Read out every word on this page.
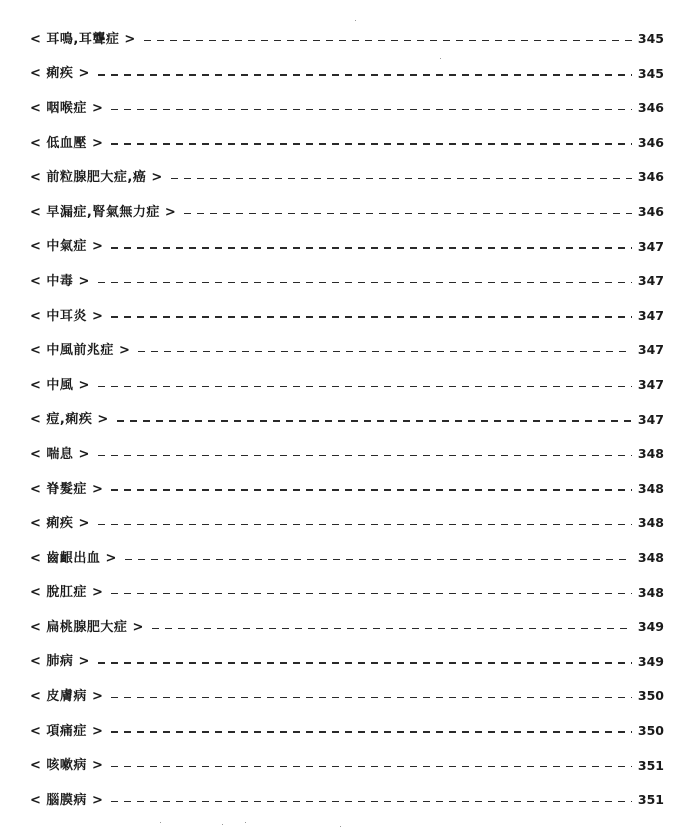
< 耳鳴,耳聾症 >	345
< 痢疾 >	345
< 咽喉症 >	346
< 低血壓 >	346
< 前粒腺肥大症,癌 >	346
< 早漏症,腎氣無力症 >	346
< 中氣症 >	347
< 中毒 >	347
< 中耳炎 >	347
< 中風前兆症 >	347
< 中風 >	347
< 痘,痢疾 >	347
< 喘息 >	348
< 脊髮症 >	348
< 痢疾 >	348
< 齒齦出血 >	348
< 脫肛症 >	348
< 扁桃腺肥大症 >	349
< 肺病 >	349
< 皮膚病 >	350
< 項痛症 >	350
< 咳嗽病 >	351
< 腦膜病 >	351
